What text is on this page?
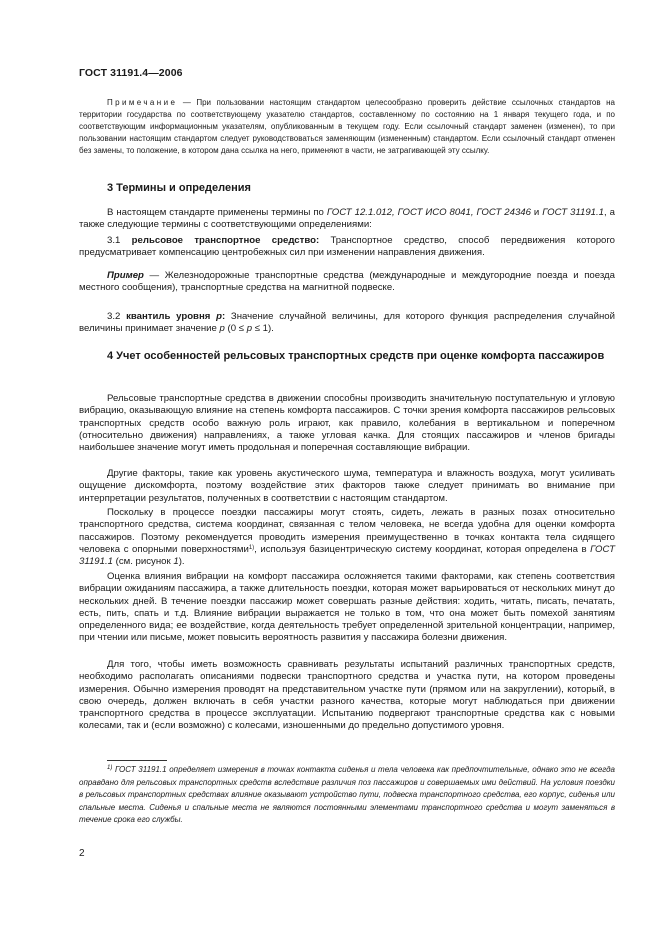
ГОСТ 31191.4—2006
Примечание — При пользовании настоящим стандартом целесообразно проверить действие ссылочных стандартов на территории государства по соответствующему указателю стандартов, составленному по состоянию на 1 января текущего года, и по соответствующим информационным указателям, опубликованным в текущем году. Если ссылочный стандарт заменен (изменен), то при пользовании настоящим стандартом следует руководствоваться заменяющим (измененным) стандартом. Если ссылочный стандарт отменен без замены, то положение, в котором дана ссылка на него, применяют в части, не затрагивающей эту ссылку.
3 Термины и определения
В настоящем стандарте применены термины по ГОСТ 12.1.012, ГОСТ ИСО 8041, ГОСТ 24346 и ГОСТ 31191.1, а также следующие термины с соответствующими определениями:
3.1 рельсовое транспортное средство: Транспортное средство, способ передвижения которого предусматривает компенсацию центробежных сил при изменении направления движения.
Пример — Железнодорожные транспортные средства (международные и междугородние поезда и поезда местного сообщения), транспортные средства на магнитной подвеске.
3.2 квантиль уровня p: Значение случайной величины, для которого функция распределения случайной величины принимает значение p (0 ≤ p ≤ 1).
4 Учет особенностей рельсовых транспортных средств при оценке комфорта пассажиров
Рельсовые транспортные средства в движении способны производить значительную поступательную и угловую вибрацию, оказывающую влияние на степень комфорта пассажиров. С точки зрения комфорта пассажиров рельсовых транспортных средств особо важную роль играют, как правило, колебания в вертикальном и поперечном (относительно движения) направлениях, а также угловая качка. Для стоящих пассажиров и членов бригады наибольшее значение могут иметь продольная и поперечная составляющие вибрации.
Другие факторы, такие как уровень акустического шума, температура и влажность воздуха, могут усиливать ощущение дискомфорта, поэтому воздействие этих факторов также следует принимать во внимание при интерпретации результатов, полученных в соответствии с настоящим стандартом.
Поскольку в процессе поездки пассажиры могут стоять, сидеть, лежать в разных позах относительно транспортного средства, система координат, связанная с телом человека, не всегда удобна для оценки комфорта пассажиров. Поэтому рекомендуется проводить измерения преимущественно в точках контакта тела сидящего человека с опорными поверхностями$^{1)}$, используя базицентрическую систему координат, которая определена в ГОСТ 31191.1 (см. рисунок 1).
Оценка влияния вибрации на комфорт пассажира осложняется такими факторами, как степень соответствия вибрации ожиданиям пассажира, а также длительность поездки, которая может варьироваться от нескольких минут до нескольких дней. В течение поездки пассажир может совершать разные действия: ходить, читать, писать, печатать, есть, пить, спать и т.д. Влияние вибрации выражается не только в том, что она может быть помехой занятиям определенного вида; ее воздействие, когда деятельность требует определенной зрительной концентрации, например, при чтении или письме, может повысить вероятность развития у пассажира болезни движения.
Для того, чтобы иметь возможность сравнивать результаты испытаний различных транспортных средств, необходимо располагать описаниями подвески транспортного средства и участка пути, на котором проведены измерения. Обычно измерения проводят на представительном участке пути (прямом или на закруглении), который, в свою очередь, должен включать в себя участки разного качества, которые могут наблюдаться при движении транспортного средства в процессе эксплуатации. Испытанию подвергают транспортные средства как с новыми колесами, так и (если возможно) с колесами, изношенными до предельно допустимого уровня.
$^{1)}$ ГОСТ 31191.1 определяет измерения в точках контакта сиденья и тела человека как предпочтительные, однако это не всегда оправдано для рельсовых транспортных средств вследствие различия поз пассажиров и совершаемых ими действий. На условия поездки в рельсовых транспортных средствах влияние оказывают устройство пути, подвеска транспортного средства, его корпус, сиденья или спальные места. Сиденья и спальные места не являются постоянными элементами транспортного средства и могут заменяться в течение срока его службы.
2
